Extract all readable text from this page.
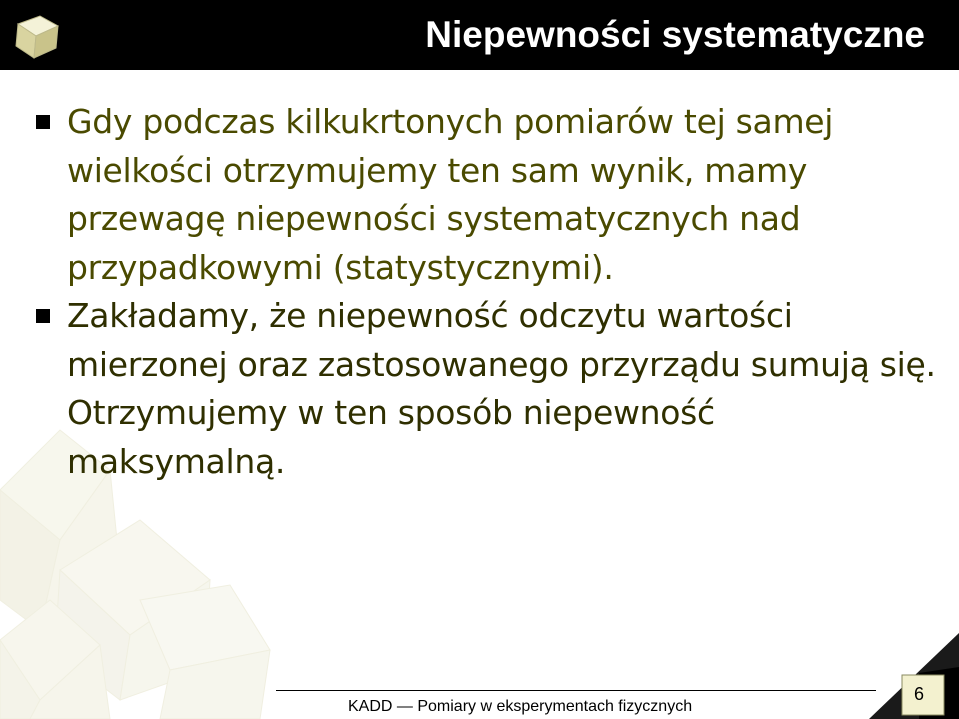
Niepewności systematyczne
Gdy podczas kilkukrtonych pomiarów tej samej wielkości otrzymujemy ten sam wynik, mamy przewagę niepewności systematycznych nad przypadkowymi (statystycznymi).
Zakładamy, że niepewność odczytu wartości mierzonej oraz zastosowanego przyrządu sumują się. Otrzymujemy w ten sposób niepewność maksymalną.
KADD — Pomiary w eksperymentach fizycznych
6
